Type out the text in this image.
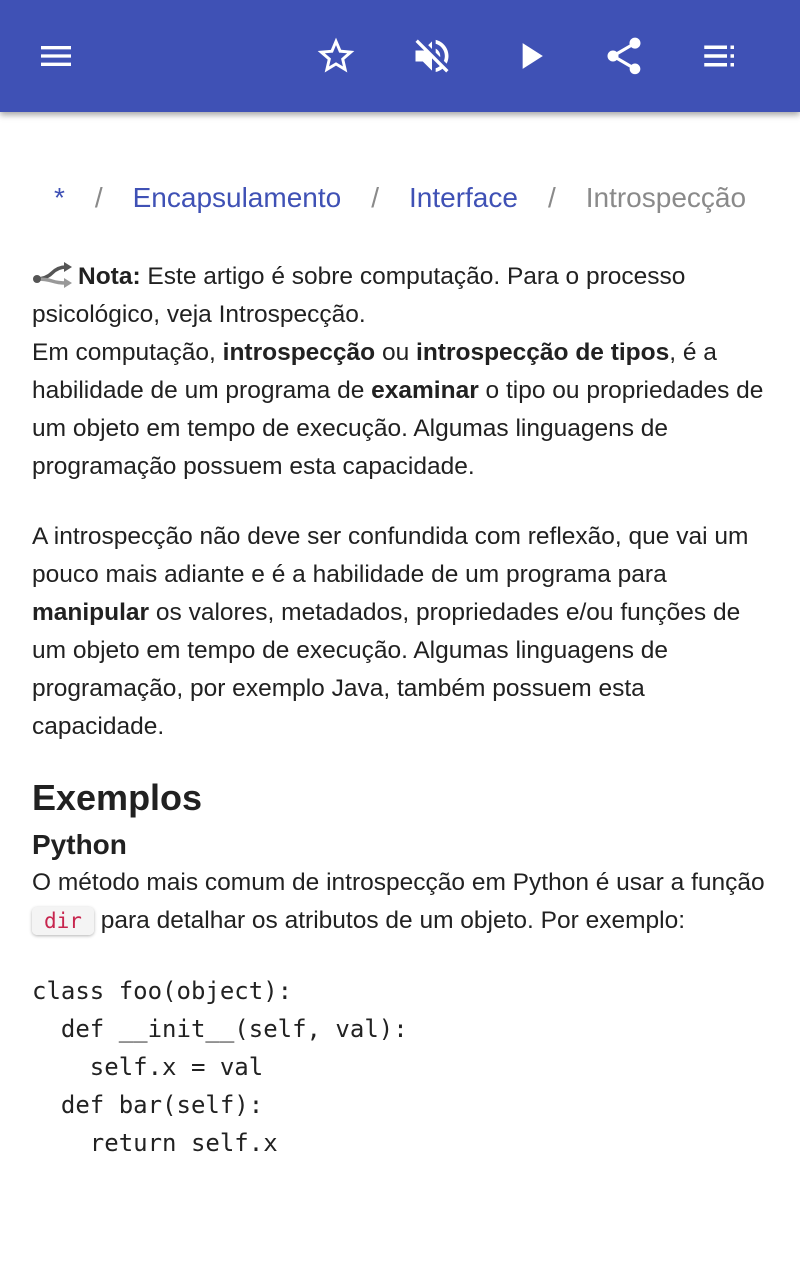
* / Encapsulamento / Interface / Introspecção

Nota: Este artigo é sobre computação. Para o processo psicológico, veja Introspecção.

Em computação, introspecção ou introspecção de tipos, é a habilidade de um programa de examinar o tipo ou propriedades de um objeto em tempo de execução. Algumas linguagens de programação possuem esta capacidade.

A introspecção não deve ser confundida com reflexão, que vai um pouco mais adiante e é a habilidade de um programa para manipular os valores, metadados, propriedades e/ou funções de um objeto em tempo de execução. Algumas linguagens de programação, por exemplo Java, também possuem esta capacidade.

Exemplos
Python

O método mais comum de introspecção em Python é usar a função dir para detalhar os atributos de um objeto. Por exemplo:

class foo(object):
def __init__(self, val):
self.x = val
def bar(self):
return self.x
